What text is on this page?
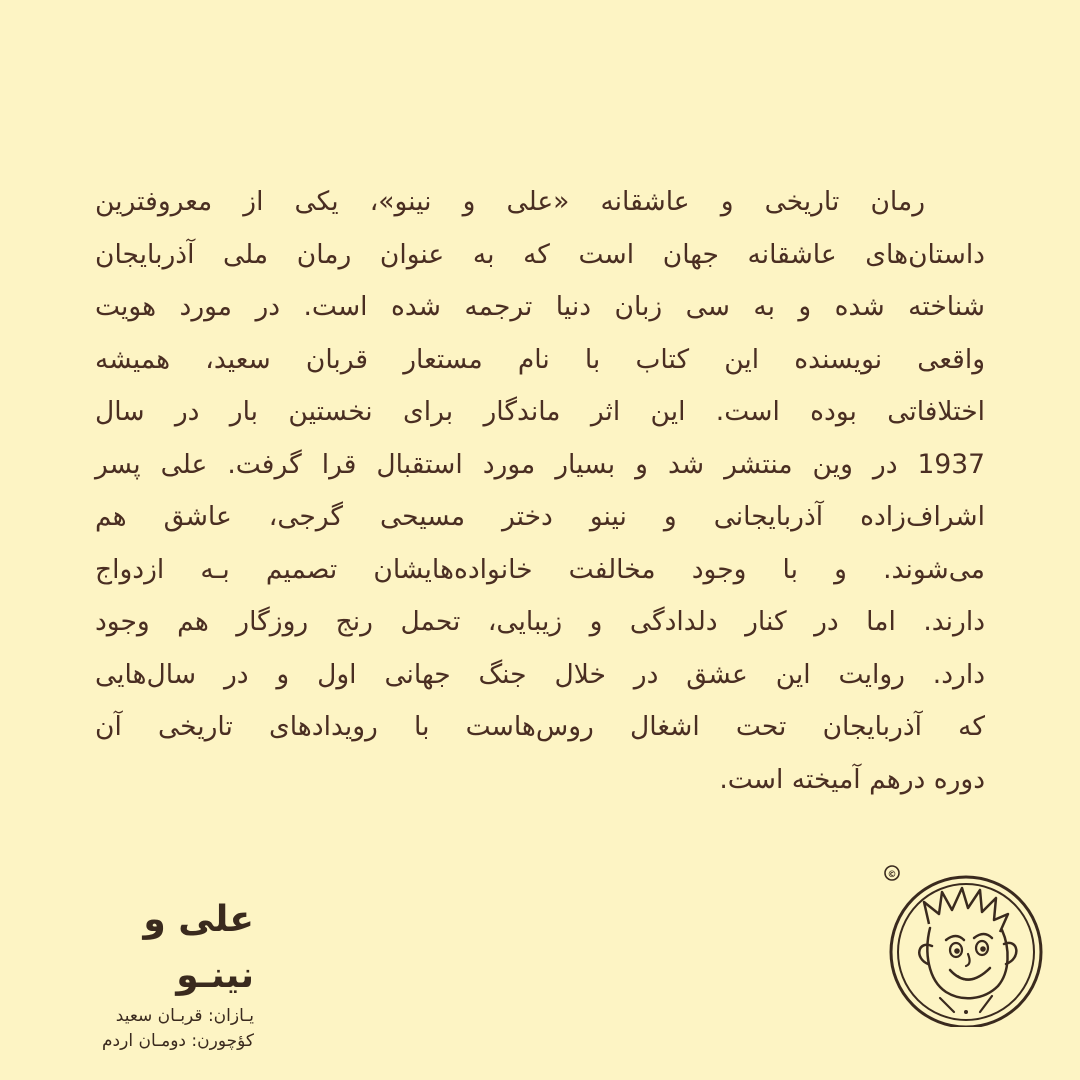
رمان تاریخی و عاشقانه «علی و نینو»، یکی از معروفترین
داستان‌های عاشقانه جهان است که به عنوان رمان ملی آذربایجان
شناخته شده و به سی زبان دنیا ترجمه شده است. در مورد هویت
واقعی نویسنده این کتاب با نام مستعار قربان سعید، همیشه
اختلافاتی بوده است. این اثر ماندگار برای نخستین بار در سال
1937 در وین منتشر شد و بسیار مورد استقبال قرا گرفت. علی پسر
اشراف‌زاده آذربایجانی و نینو دختر مسیحی گرجی، عاشق هم
می‌شوند. و با وجود مخالفت خانواده‌هایشان تصمیم بـه ازدواج
دارند. اما در کنار دلدادگی و زیبایی، تحمل رنج روزگار هم وجود
دارد. روایت این عشق در خلال جنگ جهانی اول و در سال‌هایی
که آذربایجان تحت اشغال روس‌هاست با رویدادهای تاریخی آن
دوره درهم آمیخته است.

علی و نینـو

یـازان: قربـان سعید

کؤچورن: دومـان اردم

©
